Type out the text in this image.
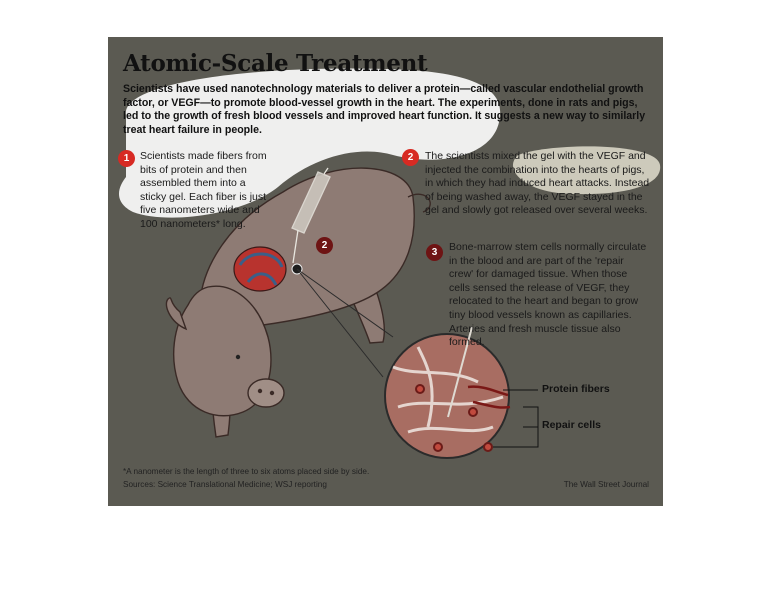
Atomic-Scale Treatment

Scientists have used nanotechnology materials to deliver a protein—called vascular endothelial growth factor, or VEGF—to promote blood-vessel growth in the heart. The experiments, done in rats and pigs, led to the growth of fresh blood vessels and improved heart function. It suggests a new way to similarly treat heart failure in people.

1	Scientists made fibers from bits of protein and then assembled them into a sticky gel. Each fiber is just five nanometers wide and 100 nanometers* long.

2	The scientists mixed the gel with the VEGF and injected the combination into the hearts of pigs, in which they had induced heart attacks. Instead of being washed away, the VEGF stayed in the gel and slowly got released over several weeks.

3	Bone-marrow stem cells normally circulate in the blood and are part of the 'repair crew' for damaged tissue. When those cells sensed the release of VEGF, they relocated to the heart and began to grow tiny blood vessels known as capillaries. Arteries and fresh muscle tissue also formed.

2

Protein fibers

Repair cells

*A nanometer is the length of three to six atoms placed side by side.

Sources: Science Translational Medicine; WSJ reporting	The Wall Street Journal
